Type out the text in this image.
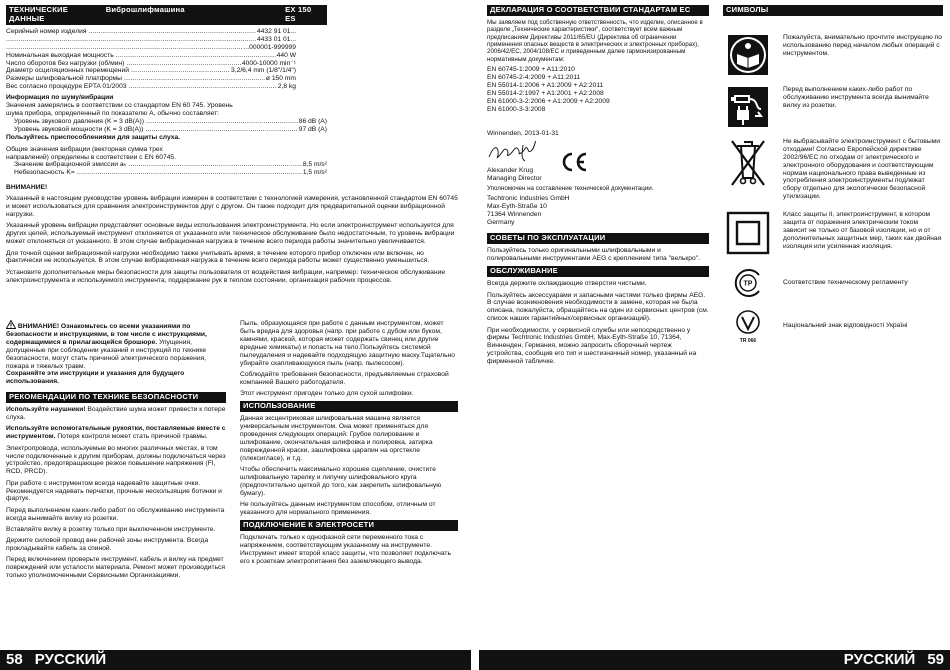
ТЕХНИЧЕСКИЕ ДАННЫЕ
Виброшлифмашина	EX 150 ES
Серийный номер изделия .....	4432 91 01...
.....
4433 01 01...
.....
...000001-999999
Номинальная выходная мощность .....	440 W
Число оборотов без нагрузки (об/мин) .....	4000-10000 min⁻¹
Диаметр осциляционных перемещений .....	3,2/6,4 mm (1/8"/1/4")
Размеры шлифовальной платформы .....	ø 150 mm
Вес согласно процедуре EPTA 01/2003 .....	2,8 kg

Информация по шуму/вибрации

Значения замерялись в соответствии со стандартом EN 60 745. Уровень шума прибора, определенный по показателю А, обычно составляет:

Уровень звукового давления (K = 3 dB(A)) .....	86 dB (A)
Уровень звуковой мощности (K = 3 dB(A)) .....	97 dB (A)

Пользуйтесь приспособлениями для защиты слуха.

Общие значения вибрации (векторная сумма трех направлений) определены в соответствии с EN 60745.

Значение вибрационной эмиссии aₕ .....	8,5 m/s²
Небезопасность K= .....	1,5 m/s²

ВНИМАНИЕ!

Указанный в настоящем руководстве уровень вибрации измерен в соответствии с технологией измерения, установленной стандартом EN 60745 и может использоваться для сравнения электроинструментов друг с другом. Он также подходит для предварительной оценки вибрационной нагрузки.

Указанный уровень вибрации представляет основные виды использования электроинструмента. Но если электроинструмент используется для других целей, используемый инструмент отклоняется от указанного или техническое обслуживание было недостаточным, то уровень вибрации может отклоняться от указанного. В этом случае вибрационная нагрузка в течение всего периода работы значительно увеличивается.

Для точной оценки вибрационной нагрузки необходимо также учитывать время, в течение которого прибор отключен или включен, но фактически не используется. В этом случае вибрационная нагрузка в течение всего периода работы может существенно уменьшиться.

Установите дополнительные меры безопасности для защиты пользователя от воздействия вибрации, например: техническое обслуживание электроинструмента и используемого инструмента, поддержание рук в теплом состоянии, организация рабочих процессов.

ВНИМАНИЕ! Ознакомьтесь со всеми указаниями по безопасности и инструкциями, в том числе с инструкциями, содержащимися в прилагающейся брошюре. Упущения, допущенные при соблюдении указаний и инструкций по технике безопасности, могут стать причиной электрического поражения, пожара и тяжелых травм.
Сохраняйте эти инструкции и указания для будущего использования.

РЕКОМЕНДАЦИИ ПО ТЕХНИКЕ БЕЗОПАСНОСТИ

Используйте наушники! Воздействие шума может привести к потере слуха.

Используйте вспомогательные рукоятки, поставляемые вместе с инструментом. Потеря контроля может стать причиной травмы.

Электропровода, используемые во многих различных местах, в том числе подключенные к другим приборам, должны подключаться через устройство, предотвращающее резкое повышение напряжения (FI, RCD, PRCD).

При работе с инструментом всегда надевайте защитные очки. Рекомендуется надевать перчатки, прочные нескользящие ботинки и фартук.

Перед выполнением каких-либо работ по обслуживанию инструмента всегда вынимайте вилку из розетки.

Вставляйте вилку в розетку только при выключенном инструменте.

Держите силовой провод вне рабочей зоны инструмента. Всегда прокладывайте кабель за спиной.

Перед включением проверьте инструмент, кабель и вилку на предмет повреждений или усталости материала. Ремонт может производиться только уполномоченными Сервисными Организациями.

Пыль, образующаяся при работе с данным инструментом, может быть вредна для здоровья (напр. при работе с дубом или буком, камнями, краской, которая может содержать свинец или другие вредные химикаты) и попасть на тело.Пользуйтесь системой пылеудаления и надевайте подходящую защитную маску.Тщательно убирайте скапливающуюся пыль (напр. пылесосом).

Соблюдайте требования безопасности, предъявляемые страховой компанией Вашего работодателя.

Этот инструмент пригоден только для сухой шлифовки.

ИСПОЛЬЗОВАНИЕ

Данная эксцентриковая шлифовальная машина является универсальным инструментом. Она может применяться для проведения следующих операций: Грубое полирование и шлифование, окончательная шлифовка и полировка, затирка поврежденной краски, зашлифовка царапин на оргстекле (плексигласе), и т.д.

Чтобы обеспечить максимально хорошее сцепление, очистите шлифовальную тарелку и липучку шлифовального круга (предпочтительно щеткой до того, как закрепить шлифовальную бумагу).

Не пользуйтесь данным инструментом способом, отличным от указанного для нормального применения.

ПОДКЛЮЧЕНИЕ К ЭЛЕКТРОСЕТИ

Подключать только к однофазной сети переменного тока с напряжением, соответствующим указанному на инструменте. Инструмент имеет второй класс защиты, что позволяет подключать его к розеткам электропитания без заземляющего вывода.

58 РУССКИЙ
ДЕКЛАРАЦИЯ О СООТВЕТСТВИИ СТАНДАРТАМ ЕС

Мы заявляем под собственную ответственность, что изделие, описанное в разделе „Технические характеристики“, соответствует всем важным предписаниям Директивы 2011/65/EU (Директива об ограничении применения опасных веществ в электрических и электронных приборах), 2006/42/EC, 2004/108/EC и приведенным далее гармонизированным нормативным документам:

EN 60745-1:2009 + A11:2010
EN 60745-2-4:2009 + A11:2011
EN 55014-1:2006 + A1:2009 + A2:2011
EN 55014-2:1997 + A1:2001 + A2:2008
EN 61000-3-2:2006 + A1:2009 + A2:2009
EN 61000-3-3:2008

Winnenden, 2013-01-31

Alexander Krug

Managing Director

Уполномочен на составление технической документации.

Techtronic Industries GmbH
Max-Eyth-Straße 10
71364 Winnenden
Germany
СОВЕТЫ ПО ЭКСПЛУАТАЦИИ

Пользуйтесь только оригинальными шлифовальными и полировальными инструментами AEG с креплением типа "велькро".

ОБСЛУЖИВАНИЕ

Всегда держите охлаждающие отверстия чистыми.

Пользуйтесь аксессуарами и запасными частями только фирмы AEG. В случае возникновения необходимости в замене, которая не была описана, пожалуйста, обращайтесь на один из сервисных центров (см. список наших гарантийных/сервисных организаций).

При необходимости, у сервисной службы или непосредственно у фирмы Techtronic Industries GmbH, Max-Eyth-Straße 10, 71364, Винненден, Германия, можно запросить сборочный чертеж устройства, сообщив его тип и шестизначный номер, указанный на фирменной табличке.

СИМВОЛЫ

Пожалуйста, внимательно прочтите инструкцию по использованию перед началом любых операций с инструментом.

Перед выполнением каких-либо работ по обслуживанию инструмента всегда вынимайте вилку из розетки.

Не выбрасывайте электроинструмент с бытовыми отходами! Согласно Европейской директиве 2002/96/EC по отходам от электрического и электронного оборудования и соответствующим нормам национального права выведенные из употребления электроинструменты подлежат сбору отдельно для экологически безопасной утилизации.

Класс защиты II, электроинструмент, в котором защита от поражения электрическим током зависит не только от базовой изоляции, но и от дополнительных защитных мер, таких как двойная изоляция или усиленная изоляция.

TP	Соответствие техническому регламенту

TR 066

Національний знак відповідності Україні

РУССКИЙ 59
